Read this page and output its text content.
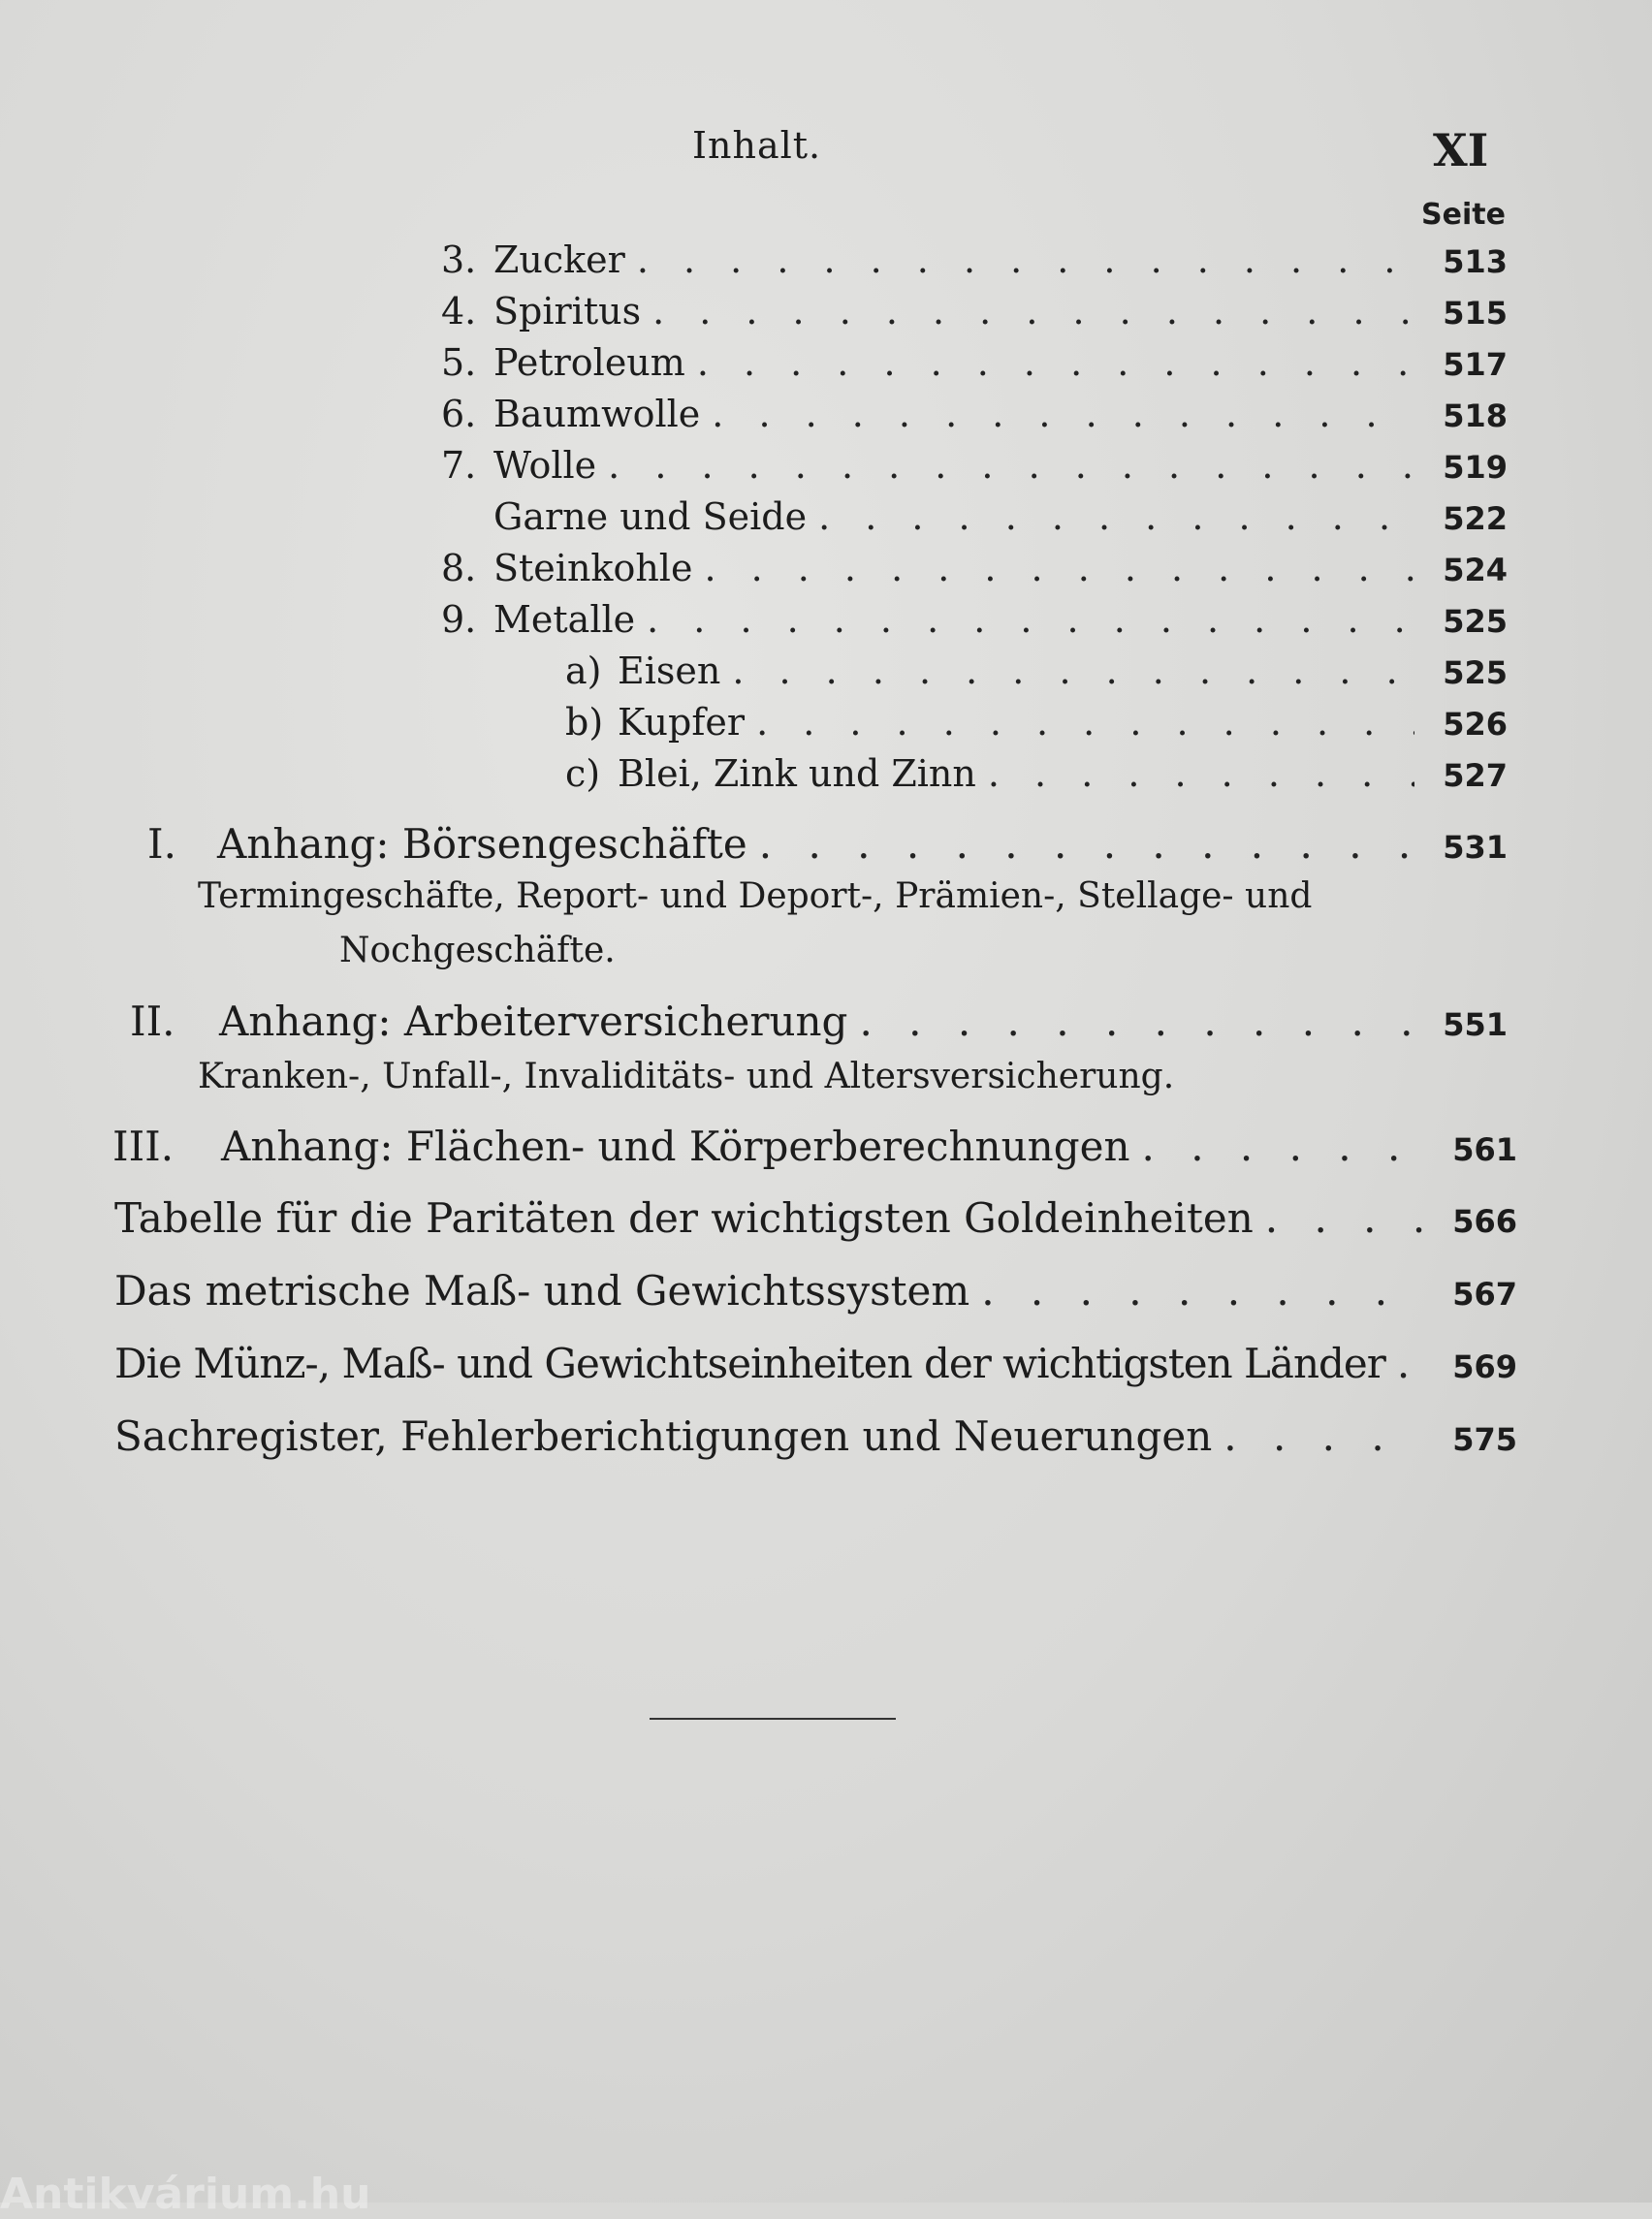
Inhalt.	XI
Seite
3. Zucker . . .	513
4. Spiritus . . .	515
5. Petroleum . . .	517
6. Baumwolle . . .	518
7. Wolle . . .	519
Garne und Seide . . .	522
8. Steinkohle . . .	524
9. Metalle . . .	525
a) Eisen . . .	525
b) Kupfer . . .	526
c) Blei, Zink und Zinn . . .	527
I.	Anhang: Börsengeschäfte . . .	531
Termingeschäfte, Report- und Deport-, Prämien-, Stellage- und
Nochgeschäfte.
II.	Anhang: Arbeiterversicherung . . .	551
Kranken-, Unfall-, Invaliditäts- und Altersversicherung.
III.	Anhang: Flächen- und Körperberechnungen . . .	561
Tabelle für die Paritäten der wichtigsten Goldeinheiten . . .	566
Das metrische Maß- und Gewichtssystem . . .	567
Die Münz-, Maß- und Gewichtseinheiten der wichtigsten Länder . . .	569
Sachregister, Fehlerberichtigungen und Neuerungen . . .	575
Antikvárium.hu
